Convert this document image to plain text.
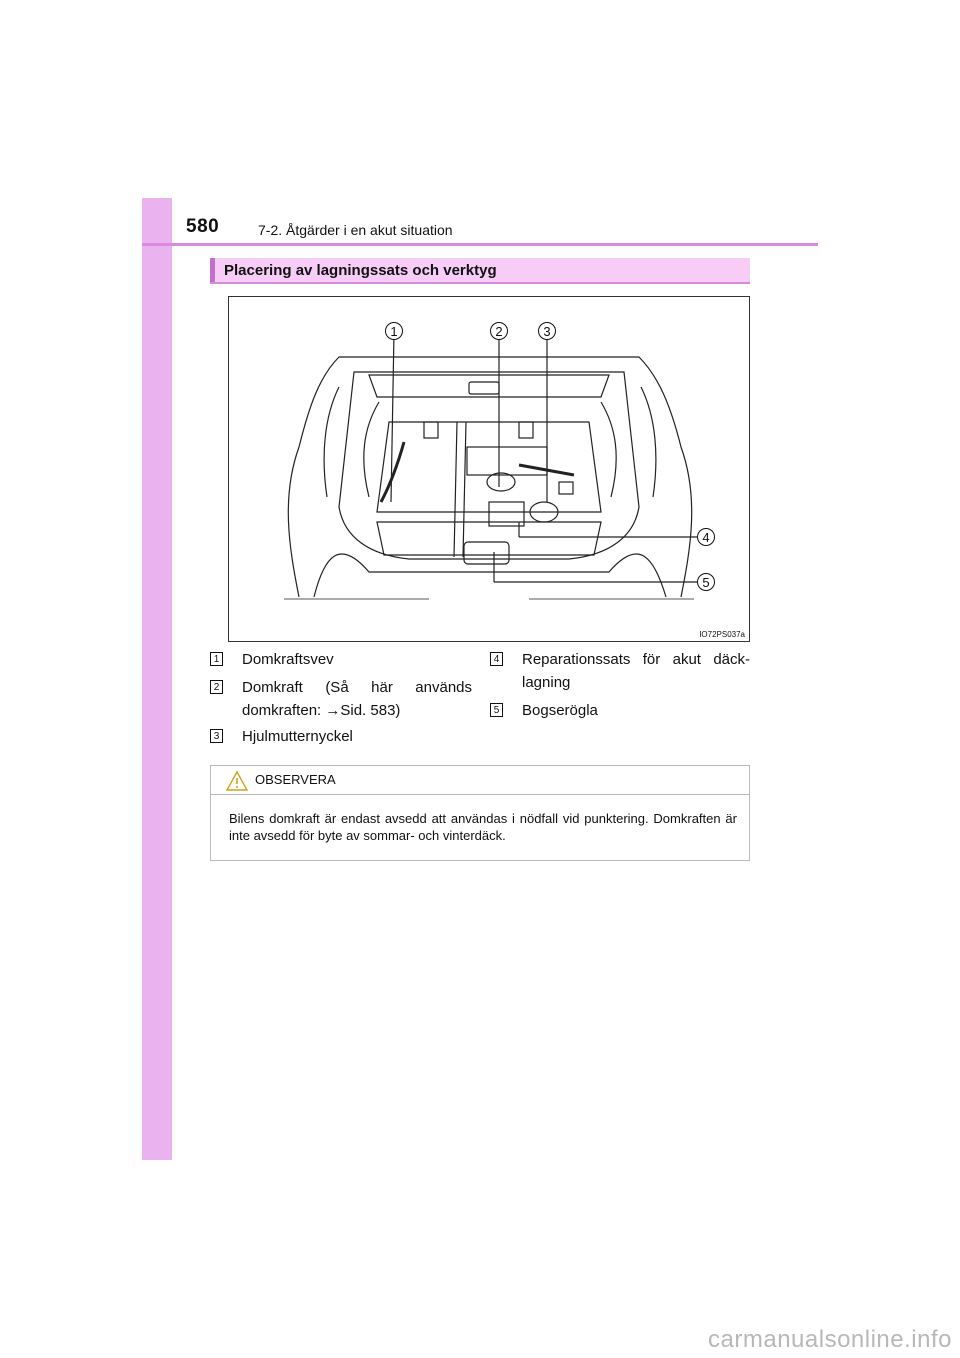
580	7-2. Åtgärder i en akut situation
Placering av lagningssats och verktyg
1	2	3
4
5
IO72PS037a
1 Domkraftsvev
2 Domkraft (Så här används domkraften: →Sid. 583)
3 Hjulmutternyckel
4 Reparationssats för akut däcklagning
5 Bogserögla
OBSERVERA
Bilens domkraft är endast avsedd att användas i nödfall vid punktering. Domkraften är inte avsedd för byte av sommar- och vinterdäck.
carmanualsonline.info
